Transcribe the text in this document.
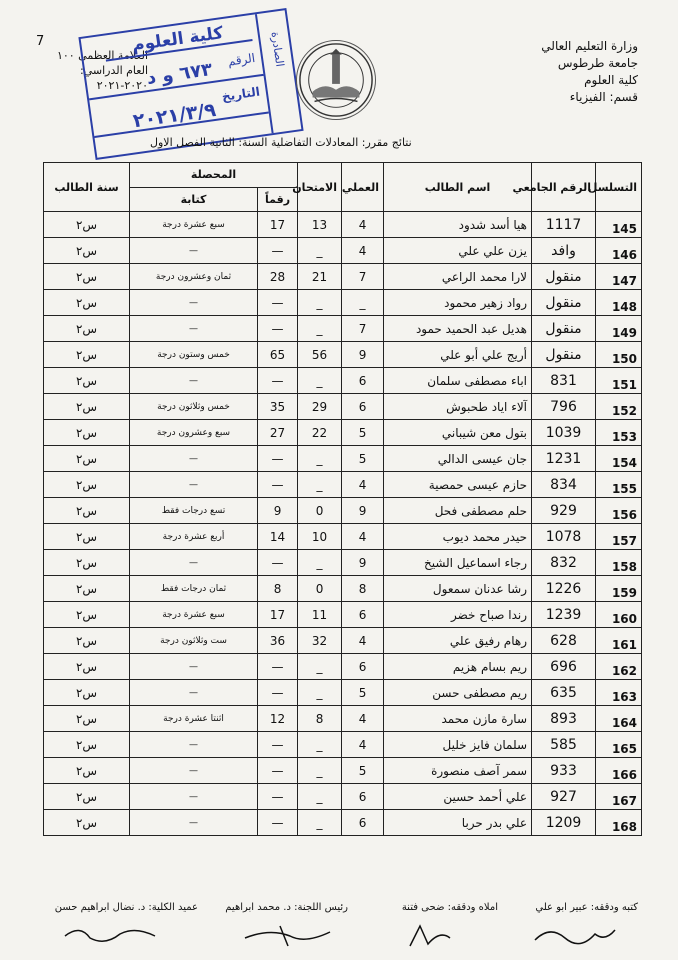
7
العلامة العظمى ١٠٠
العام الدراسي: ٢٠٢٠-٢٠٢١
كلية العلوم	الصادرة
الرقم
٦٧٣ و د
التاريخ
٢٠٢١/٣/٩
وزارة التعليم العالي
جامعة طرطوس
كلية العلوم
قسم: الفيزياء
نتائج مقرر: المعادلات التفاضلية السنة: الثانية الفصل الاول
التسلسل	الرقم الجامعي	اسم الطالب	العملي	الامتحان	المحصلة		سنة الطالب
					رقماً	كتابة	
145	1117	هيا أسد شدود	4	13	17	سبع عشرة درجة	س٢
146	وافد	يزن علي علي	4	_	—	—	س٢
147	منقول	لارا محمد الراعي	7	21	28	ثمان وعشرون درجة	س٢
148	منقول	رواد زهير محمود	_	_	—	—	س٢
149	منقول	هديل عبد الحميد حمود	7	_	—	—	س٢
150	منقول	أريج علي أبو علي	9	56	65	خمس وستون درجة	س٢
151	831	اباء مصطفى سلمان	6	_	—	—	س٢
152	796	آلاء اياد طحبوش	6	29	35	خمس وثلاثون درجة	س٢
153	1039	بتول معن شيباني	5	22	27	سبع وعشرون درجة	س٢
154	1231	جان عيسى الدالي	5	_	—	—	س٢
155	834	حازم عيسى حمصية	4	_	—	—	س٢
156	929	حلم مصطفى فحل	9	0	9	تسع درجات فقط	س٢
157	1078	حيدر محمد ديوب	4	10	14	أربع عشرة درجة	س٢
158	832	رجاء اسماعيل الشيخ	9	_	—	—	س٢
159	1226	رشا عدنان سمعول	8	0	8	ثمان درجات فقط	س٢
160	1239	رندا صباح خضر	6	11	17	سبع عشرة درجة	س٢
161	628	رهام رفيق علي	4	32	36	ست وثلاثون درجة	س٢
162	696	ريم بسام هزيم	6	_	—	—	س٢
163	635	ريم مصطفى حسن	5	_	—	—	س٢
164	893	سارة مازن محمد	4	8	12	اثنتا عشرة درجة	س٢
165	585	سلمان فايز خليل	4	_	—	—	س٢
166	933	سمر آصف منصورة	5	_	—	—	س٢
167	927	علي أحمد حسين	6	_	—	—	س٢
168	1209	علي بدر حربا	6	_	—	—	س٢
كتبه ودققه: عبير ابو علي
املاه ودققه: ضحى فتنة
رئيس اللجنة: د. محمد ابراهيم
عميد الكلية: د. نضال ابراهيم حسن
